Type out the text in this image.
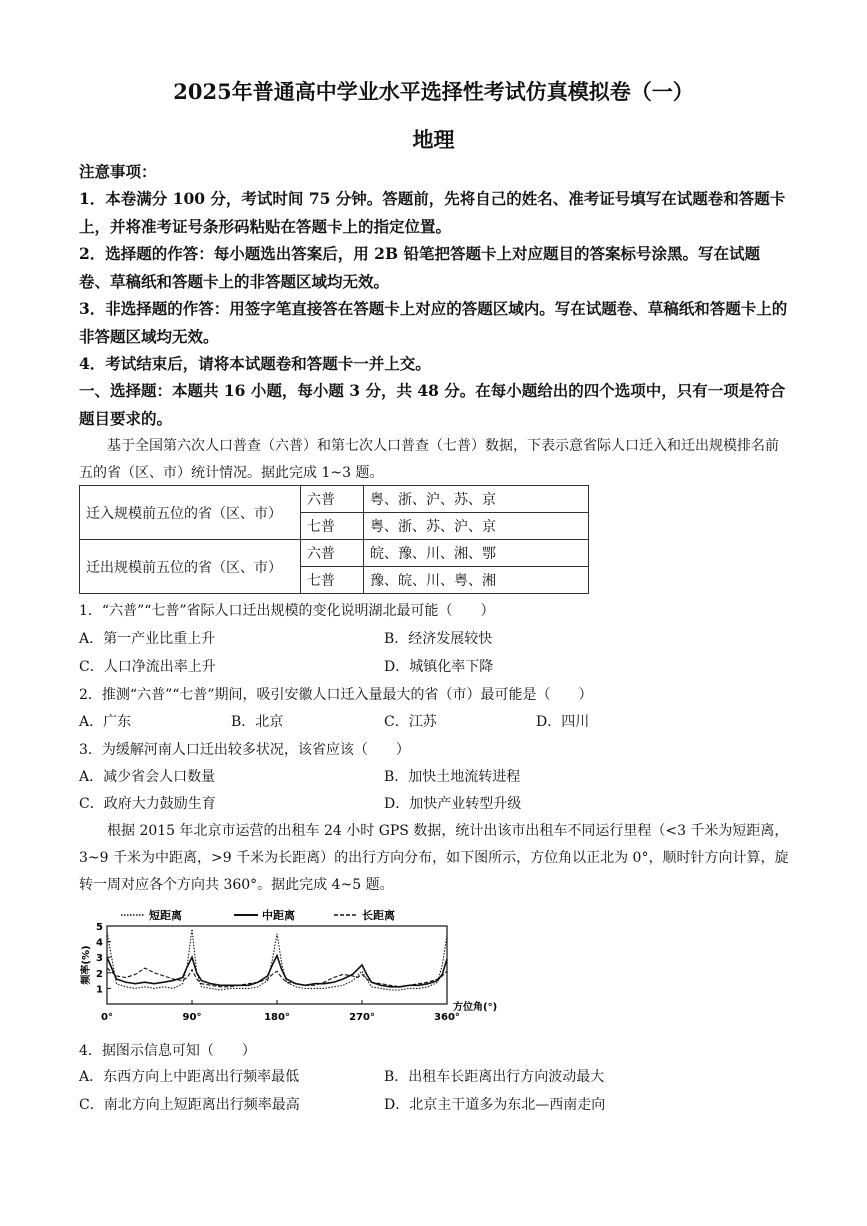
2025年普通高中学业水平选择性考试仿真模拟卷（一）
地理
注意事项：
1．本卷满分 100 分，考试时间 75 分钟。答题前，先将自己的姓名、准考证号填写在试题卷和答题卡上，并将准考证号条形码粘贴在答题卡上的指定位置。
2．选择题的作答：每小题选出答案后，用 2B 铅笔把答题卡上对应题目的答案标号涂黑。写在试题卷、草稿纸和答题卡上的非答题区域均无效。
3．非选择题的作答：用签字笔直接答在答题卡上对应的答题区域内。写在试题卷、草稿纸和答题卡上的非答题区域均无效。
4．考试结束后，请将本试题卷和答题卡一并上交。
一、选择题：本题共 16 小题，每小题 3 分，共 48 分。在每小题给出的四个选项中，只有一项是符合题目要求的。
基于全国第六次人口普查（六普）和第七次人口普查（七普）数据，下表示意省际人口迁入和迁出规模排名前五的省（区、市）统计情况。据此完成 1~3 题。
迁入规模前五位的省（区、市）	六普	粤、浙、沪、苏、京
	七普	粤、浙、苏、沪、京
迁出规模前五位的省（区、市）	六普	皖、豫、川、湘、鄂
	七普	豫、皖、川、粤、湘
1．“六普”“七普”省际人口迁出规模的变化说明湖北最可能（　　）
A．第一产业比重上升	B．经济发展较快
C．人口净流出率上升	D．城镇化率下降
2．推测“六普”“七普”期间，吸引安徽人口迁入量最大的省（市）最可能是（　　）
A．广东	B．北京	C．江苏	D．四川
3．为缓解河南人口迁出较多状况，该省应该（　　）
A．减少省会人口数量	B．加快土地流转进程
C．政府大力鼓励生育	D．加快产业转型升级
根据 2015 年北京市运营的出租车 24 小时 GPS 数据，统计出该市出租车不同运行里程（<3 千米为短距离，3~9 千米为中距离，>9 千米为长距离）的出行方向分布，如下图所示，方位角以正北为 0°，顺时针方向计算，旋转一周对应各个方向共 360°。据此完成 4~5 题。
1
2
3
4
5
0°	90°	180°	270°	360°
方位角(°)
频率(%)
短距离	中距离	长距离
4．据图示信息可知（　　）
A．东西方向上中距离出行频率最低	B．出租车长距离出行方向波动最大
C．南北方向上短距离出行频率最高	D．北京主干道多为东北—西南走向
